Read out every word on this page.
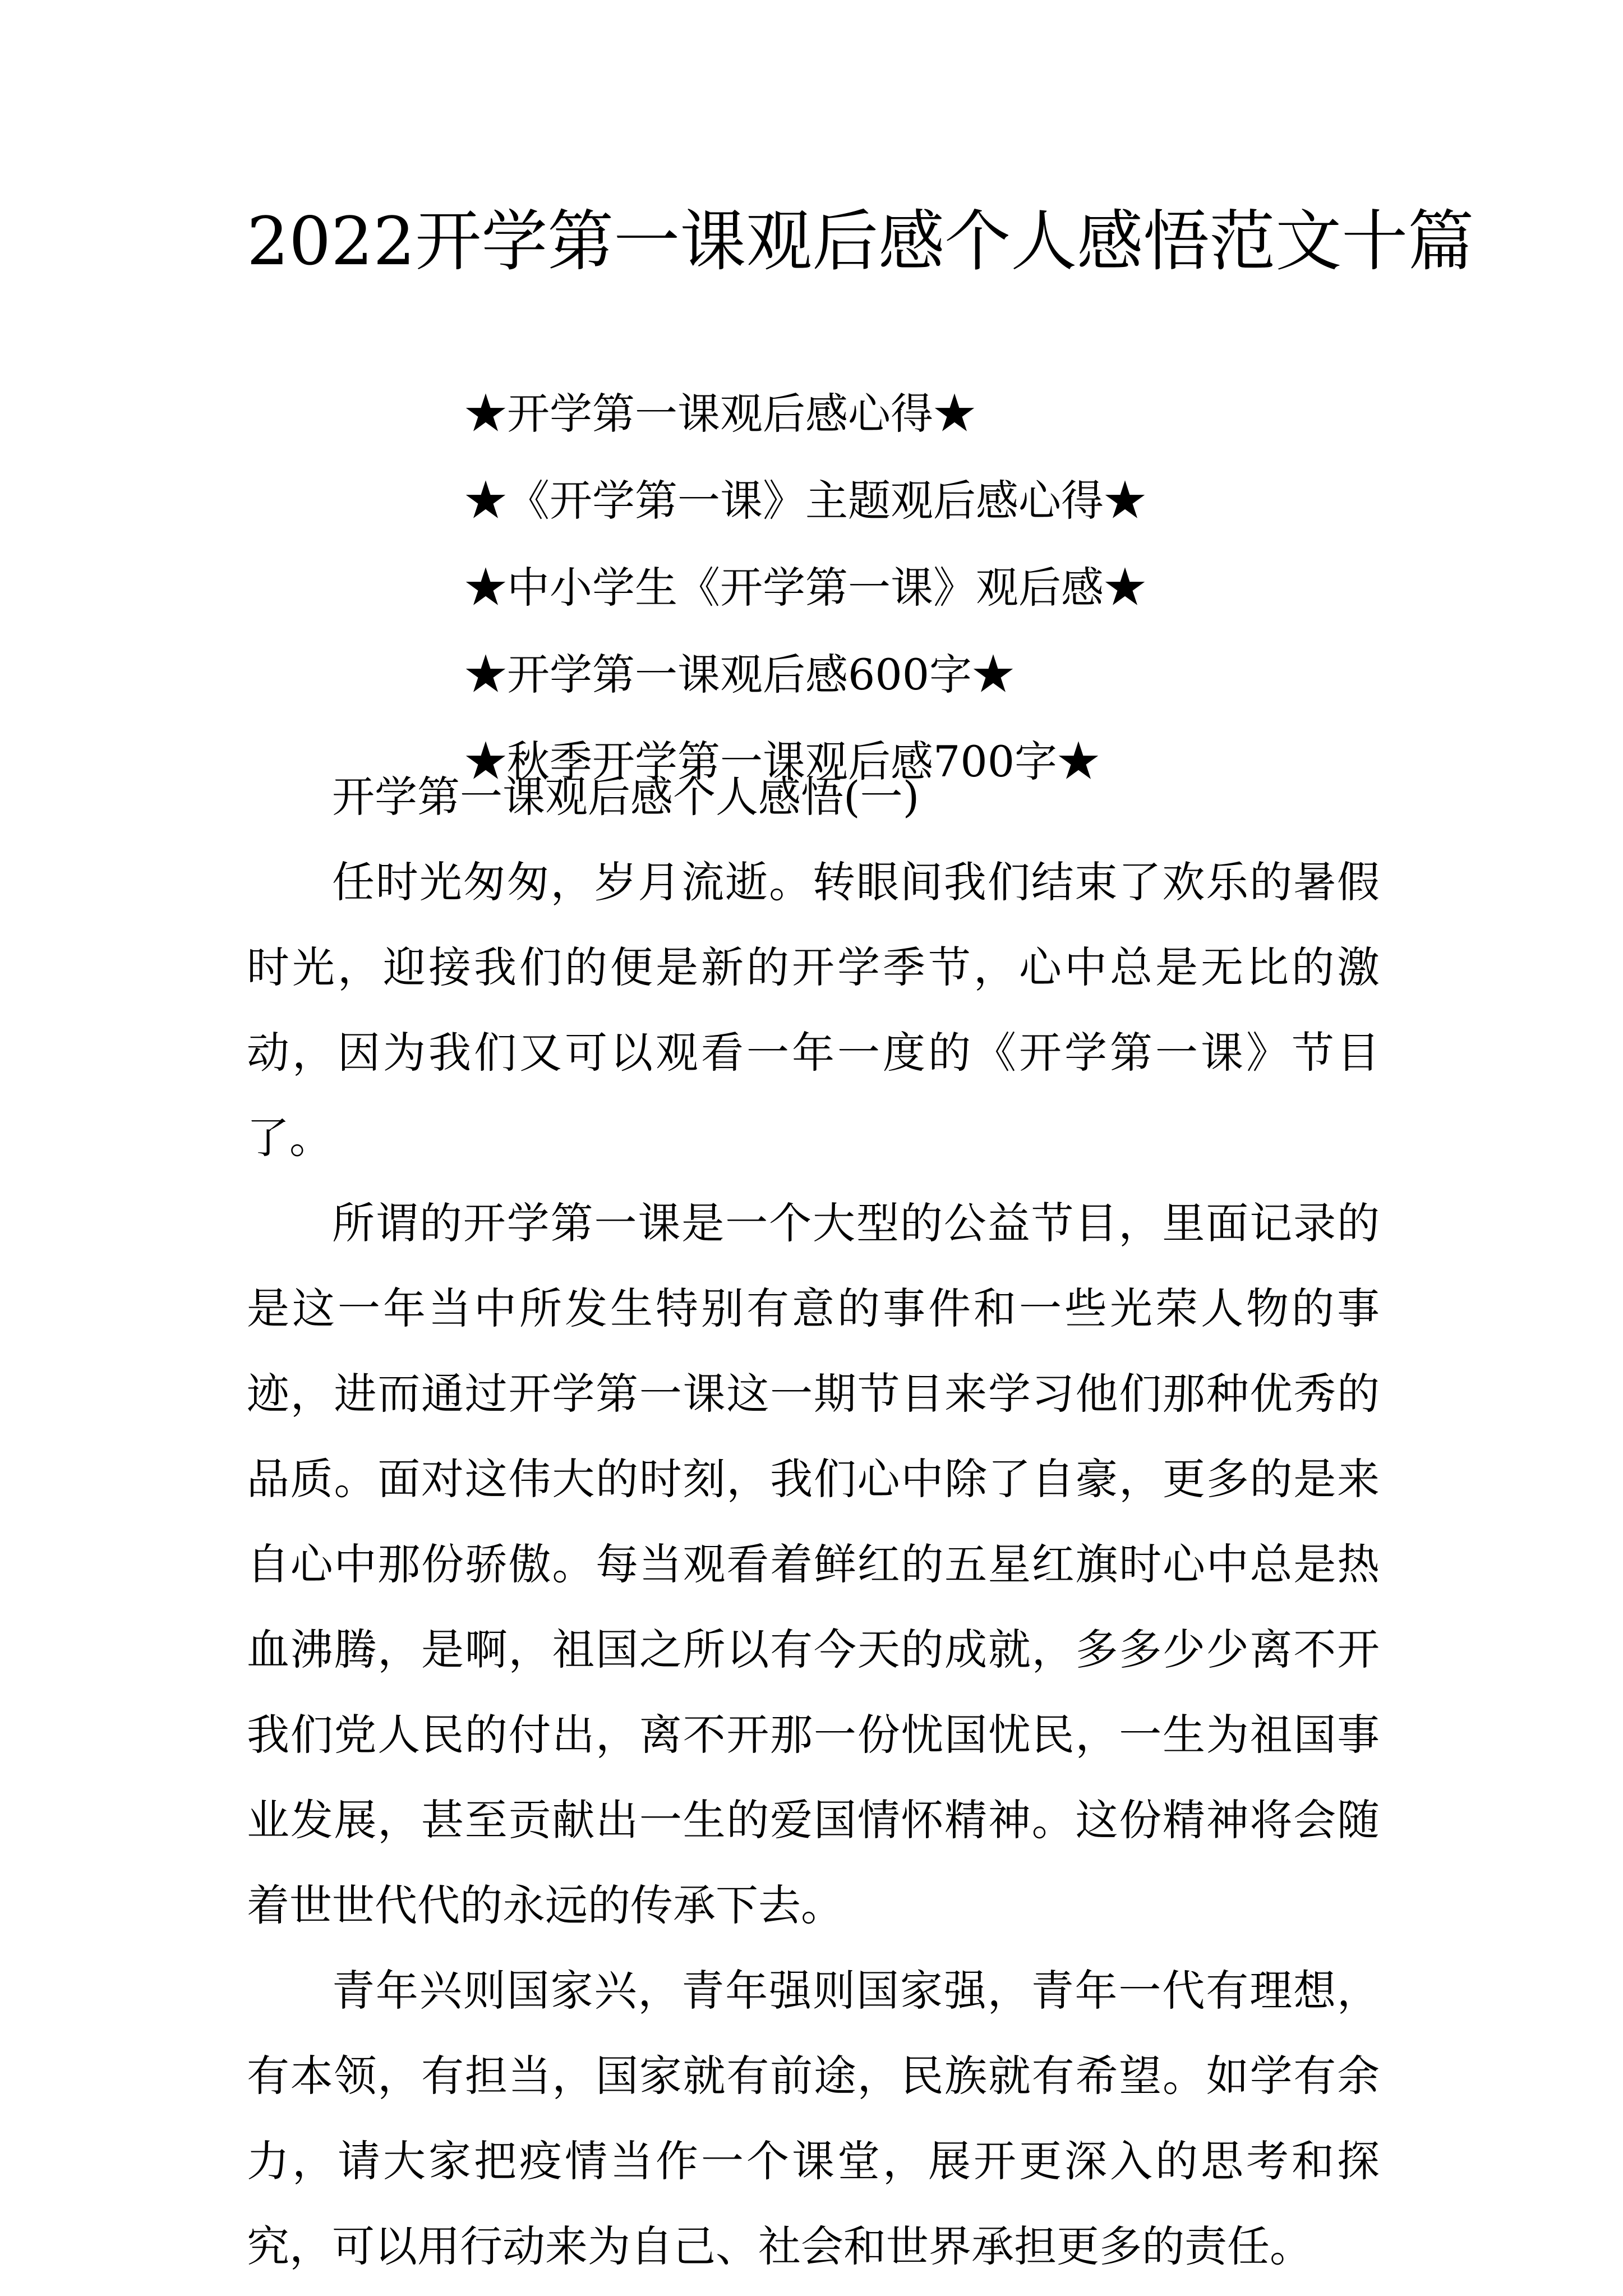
2022开学第一课观后感个人感悟范文十篇
★开学第一课观后感心得★
★《开学第一课》主题观后感心得★
★中小学生《开学第一课》观后感★
★开学第一课观后感600字★
★秋季开学第一课观后感700字★

开学第一课观后感个人感悟(一)

任时光匆匆，岁月流逝。转眼间我们结束了欢乐的暑假时光，迎接我们的便是新的开学季节，心中总是无比的激动，因为我们又可以观看一年一度的《开学第一课》节目了。

所谓的开学第一课是一个大型的公益节目，里面记录的是这一年当中所发生特别有意的事件和一些光荣人物的事迹，进而通过开学第一课这一期节目来学习他们那种优秀的品质。面对这伟大的时刻，我们心中除了自豪，更多的是来自心中那份骄傲。每当观看着鲜红的五星红旗时心中总是热血沸腾，是啊，祖国之所以有今天的成就，多多少少离不开我们党人民的付出，离不开那一份忧国忧民，一生为祖国事业发展，甚至贡献出一生的爱国情怀精神。这份精神将会随着世世代代的永远的传承下去。

青年兴则国家兴，青年强则国家强，青年一代有理想，有本领，有担当，国家就有前途，民族就有希望。如学有余力，请大家把疫情当作一个课堂，展开更深入的思考和探究，可以用行动来为自己、社会和世界承担更多的责任。
